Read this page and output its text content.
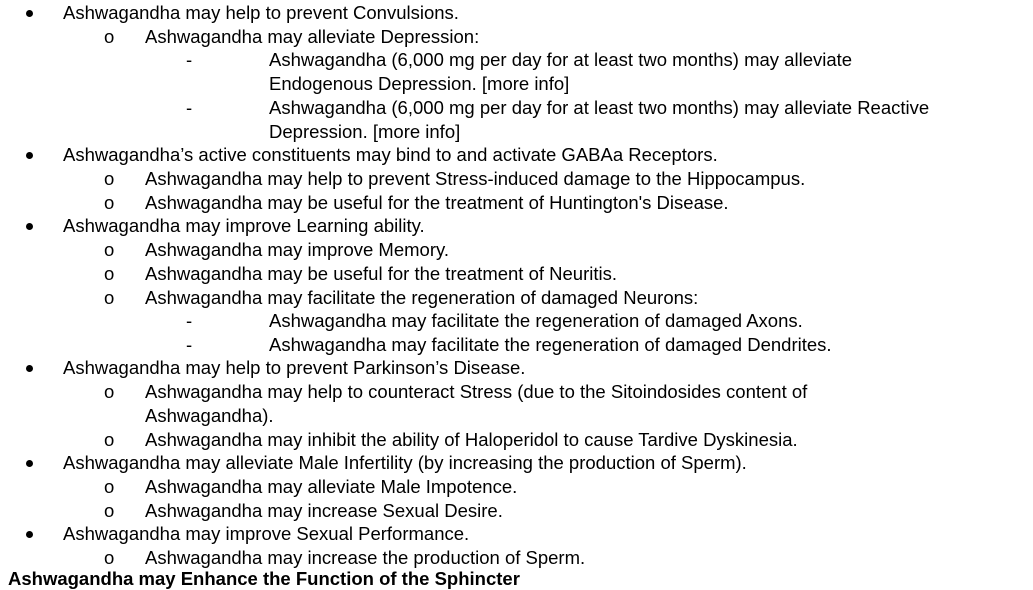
Ashwagandha may help to prevent Convulsions.
o Ashwagandha may alleviate Depression:
-	Ashwagandha (6,000 mg per day for at least two months) may alleviate
Endogenous Depression. [more info]
-	Ashwagandha (6,000 mg per day for at least two months) may alleviate Reactive
Depression. [more info]
Ashwagandha’s active constituents may bind to and activate GABAa Receptors.
o Ashwagandha may help to prevent Stress-induced damage to the Hippocampus.
o Ashwagandha may be useful for the treatment of Huntington's Disease.
Ashwagandha may improve Learning ability.
o Ashwagandha may improve Memory.
o Ashwagandha may be useful for the treatment of Neuritis.
o Ashwagandha may facilitate the regeneration of damaged Neurons:
-	Ashwagandha may facilitate the regeneration of damaged Axons.
-	Ashwagandha may facilitate the regeneration of damaged Dendrites.
Ashwagandha may help to prevent Parkinson’s Disease.
o Ashwagandha may help to counteract Stress (due to the Sitoindosides content of
Ashwagandha).
o Ashwagandha may inhibit the ability of Haloperidol to cause Tardive Dyskinesia.
Ashwagandha may alleviate Male Infertility (by increasing the production of Sperm).
o Ashwagandha may alleviate Male Impotence.
o Ashwagandha may increase Sexual Desire.
Ashwagandha may improve Sexual Performance.
o Ashwagandha may increase the production of Sperm.
Ashwagandha may Enhance the Function of the Sphincter
